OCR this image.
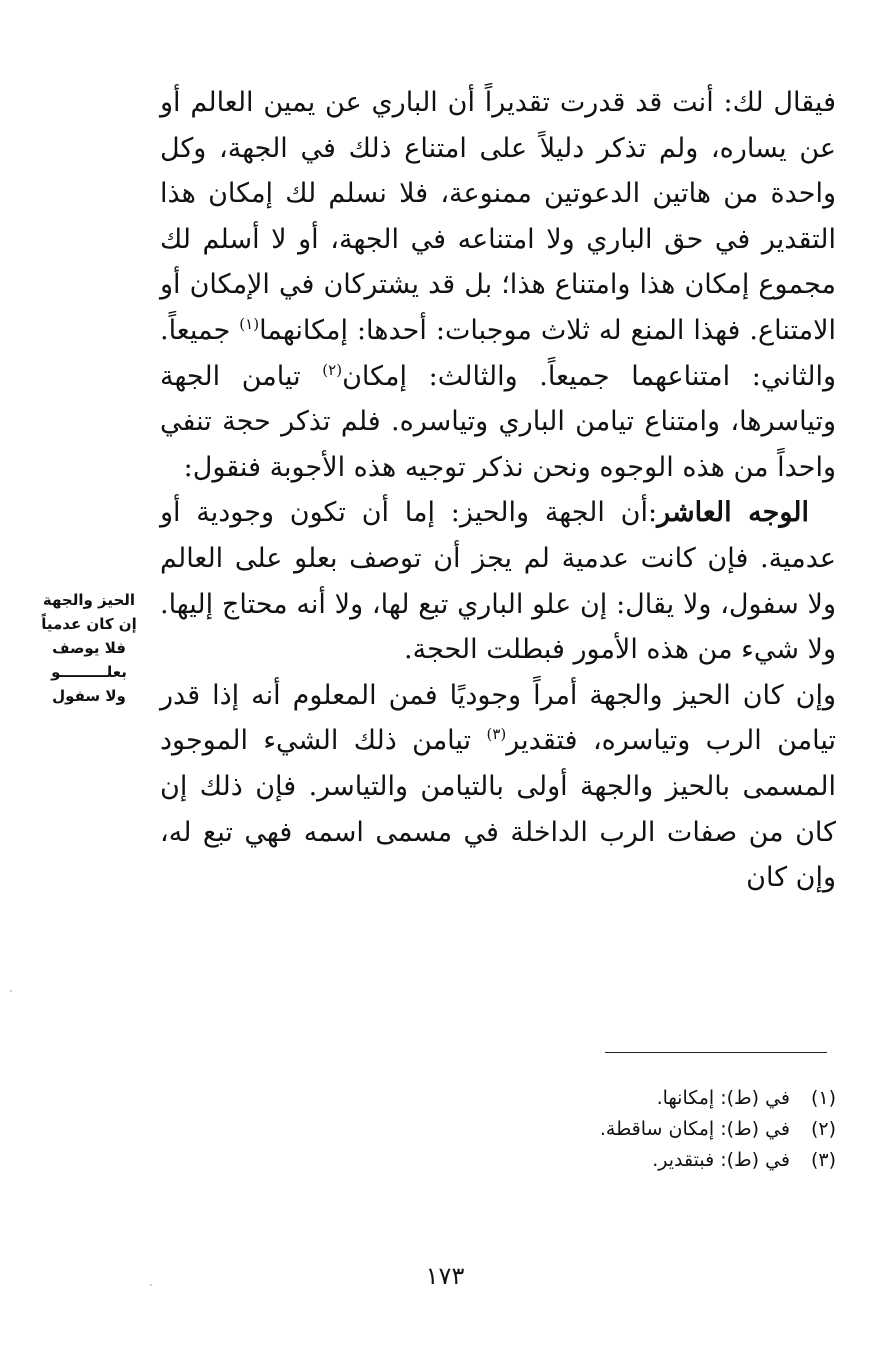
فيقال لك: أنت قد قدرت تقديراً أن الباري عن يمين العالم أو عن يساره، ولم تذكر دليلاً على امتناع ذلك في الجهة، وكل واحدة من هاتين الدعوتين ممنوعة، فلا نسلم لك إمكان هذا التقدير في حق الباري ولا امتناعه في الجهة، أو لا أسلم لك مجموع إمكان هذا وامتناع هذا؛ بل قد يشتركان في الإمكان أو الامتناع. فهذا المنع له ثلاث موجبات: أحدها: إمكانهما$^{(١)}$ جميعاً. والثاني: امتناعهما جميعاً. والثالث: إمكان$^{(٢)}$ تيامن الجهة وتياسرها، وامتناع تيامن الباري وتياسره. فلم تذكر حجة تنفي واحداً من هذه الوجوه ونحن نذكر توجيه هذه الأجوبة فنقول:

 الوجه العاشر:أن الجهة والحيز: إما أن تكون وجودية أو عدمية. فإن كانت عدمية لم يجز أن توصف بعلو على العالم ولا سفول، ولا يقال: إن علو الباري تبع لها، ولا أنه محتاج إليها. ولا شيء من هذه الأمور فبطلت الحجة.

وإن كان الحيز والجهة أمراً وجوديًا فمن المعلوم أنه إذا قدر تيامن الرب وتياسره، فتقدير$^{(٣)}$ تيامن ذلك الشيء الموجود المسمى بالحيز والجهة أولى بالتيامن والتياسر. فإن ذلك إن كان من صفات الرب الداخلة في مسمى اسمه فهي تبع له، وإن كان

الحيز والجهة
إن كان عدمياً
فلا يوصف
بعلـــــــــو
ولا سفول
(١)في (ط): إمكانها.
(٢)في (ط): إمكان ساقطة.
(٣)في (ط): فبتقدير.
١٧٣
